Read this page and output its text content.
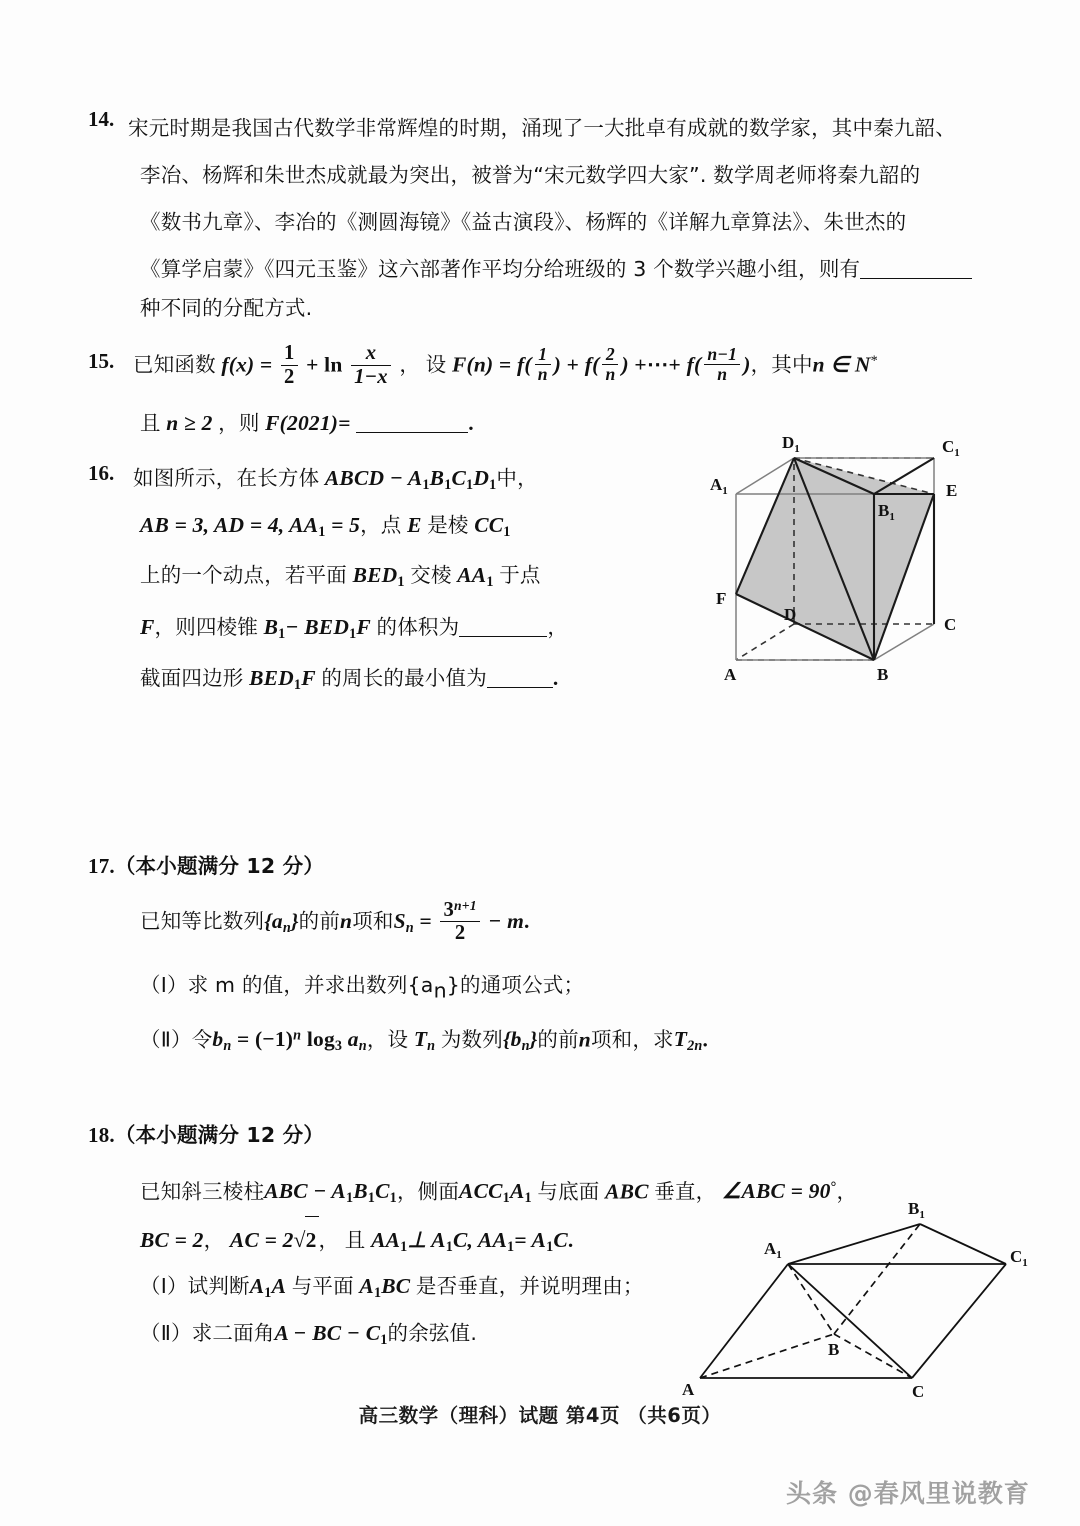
14. 宋元时期是我国古代数学非常辉煌的时期，涌现了一大批卓有成就的数学家，其中秦九韶、
李冶、杨辉和朱世杰成就最为突出，被誉为“宋元数学四大家”. 数学周老师将秦九韶的
《数书九章》、李冶的《测圆海镜》《益古演段》、杨辉的《详解九章算法》、朱世杰的
《算学启蒙》《四元玉鉴》这六部著作平均分给班级的 3 个数学兴趣小组，则有
种不同的分配方式.
15. 已知函数 $f(x) = \frac{1}{2} + \ln \frac{x}{1-x}$ ， 设 $F(n) = f( \frac{1}{n}$ ) + $f( \frac{2}{n}$ ) +⋯+ $f( \frac{n-1}{n}$ )，其中n ∈ N*
且 n ≥ 2 ，则 F(2021)=	.
16. 如图所示，在长方体 ABCD − $A_1B_1C_1D_1$中，
AB = 3, AD = 4, $AA_1 = 5$，点 E 是棱 $CC_1$
上的一个动点，若平面 $BED_1$ 交棱 $AA_1$ 于点
F，则四棱锥 $B_1- BED_1F$ 的体积为	，
截面四边形 $BED_1F$ 的周长的最小值为	.	A	B
C
D
F
E
$A_1$
$B_1$
$C_1$
$D_1$
17.（本小题满分 12 分）
已知等比数列$\{a_n\}$的前n项和$S_n = \frac{3^{n+1}}{2} - m$.
（Ⅰ）求 m 的值，并求出数列$\{a_n\}$的通项公式；
（Ⅱ）令$b_n = (-1)^n$ $\log_3 a_n$，设 $T_n$ 为数列$\{b_n\}$的前n项和，求$T_{2n}$.
18.（本小题满分 12 分）
已知斜三棱柱ABC − $A_1B_1C_1$，侧面$ACC_1A_1$ 与底面 ABC 垂直， ∠ABC = 90°，
BC = 2， AC = 2√2， 且 $AA_1\perp$ $A_1C$, $AA_1= A_1C$.
（Ⅰ）试判断$A_1A$ 与平面 $A_1BC$ 是否垂直，并说明理由；
（Ⅱ）求二面角A − BC − $C_1$的余弦值.
A
B
C
$A_1$
$B_1$
$C_1$
高三数学（理科）试题 第4页 （共6页）
头条 @春风里说教育
